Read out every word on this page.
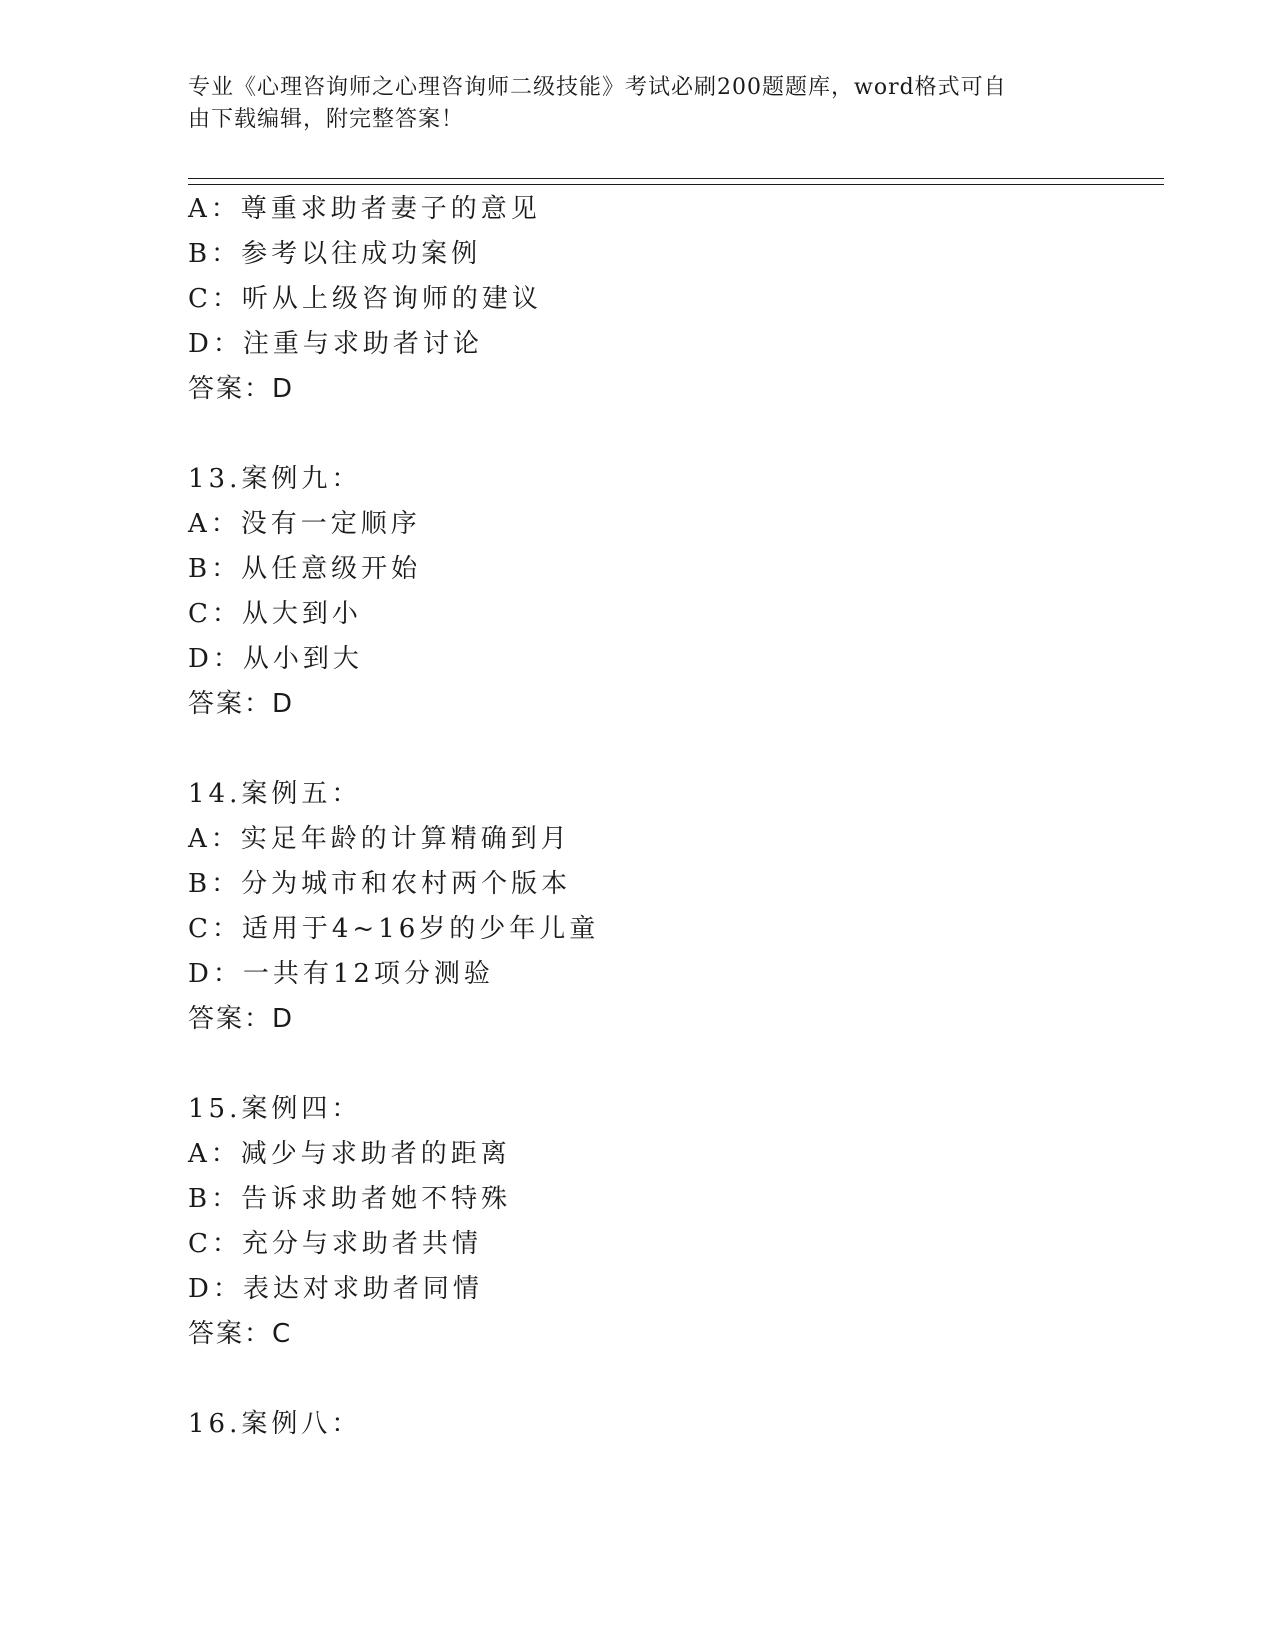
专业《心理咨询师之心理咨询师二级技能》考试必刷200题题库，word格式可自
由下载编辑，附完整答案！
A：尊重求助者妻子的意见
B：参考以往成功案例
C：听从上级咨询师的建议
D：注重与求助者讨论
答案：D
13.案例九：
A：没有一定顺序
B：从任意级开始
C：从大到小
D：从小到大
答案：D
14.案例五：
A：实足年龄的计算精确到月
B：分为城市和农村两个版本
C：适用于4~16岁的少年儿童
D：一共有12项分测验
答案：D
15.案例四：
A：减少与求助者的距离
B：告诉求助者她不特殊
C：充分与求助者共情
D：表达对求助者同情
答案：C
16.案例八：
